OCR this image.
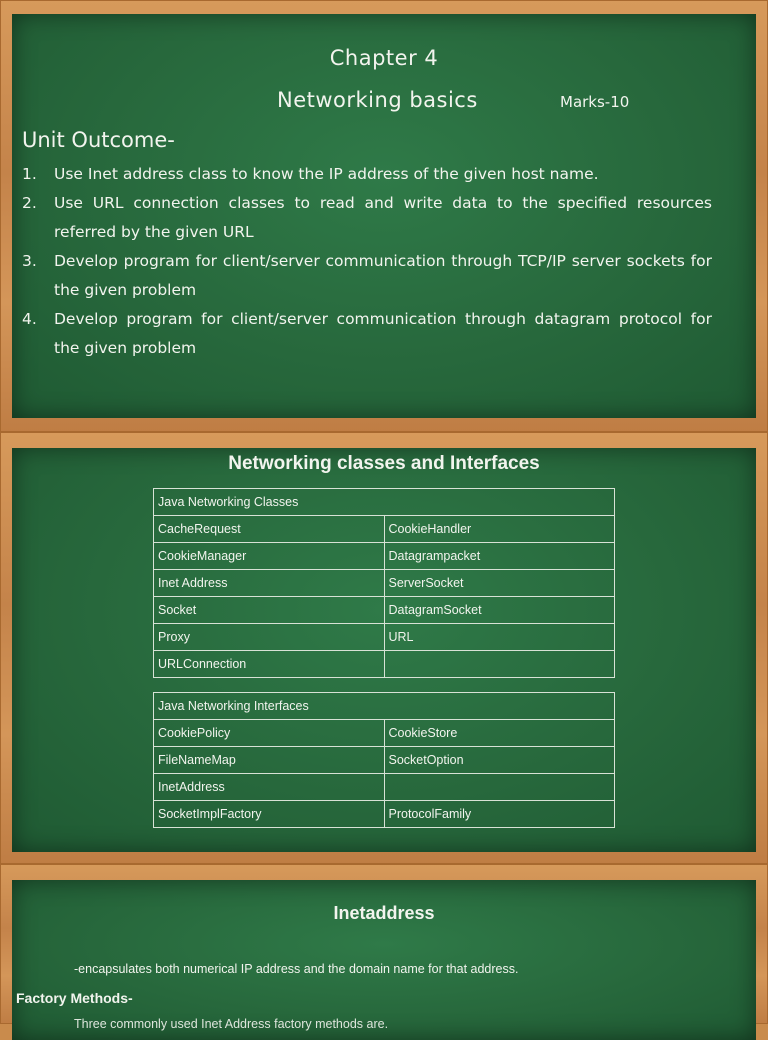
Chapter 4
Networking basics	Marks-10
Unit Outcome-
1. Use Inet address class to know the IP address of the given host name.
2. Use URL connection classes to read and write data to the specified resources referred by the given URL
3. Develop program for client/server communication through TCP/IP server sockets for the given problem
4. Develop program for client/server communication through datagram protocol for the given problem
Networking classes and Interfaces
Java Networking Classes	
CacheRequest	CookieHandler
CookieManager	Datagrampacket
Inet Address	ServerSocket
Socket	DatagramSocket
Proxy	URL
URLConnection	
Java Networking Interfaces	
CookiePolicy	CookieStore
FileNameMap	SocketOption
InetAddress	
SocketImplFactory	ProtocolFamily
Inetaddress
-encapsulates both numerical IP address and the domain name for that address.
Factory Methods-
Three commonly used Inet Address factory methods are.
